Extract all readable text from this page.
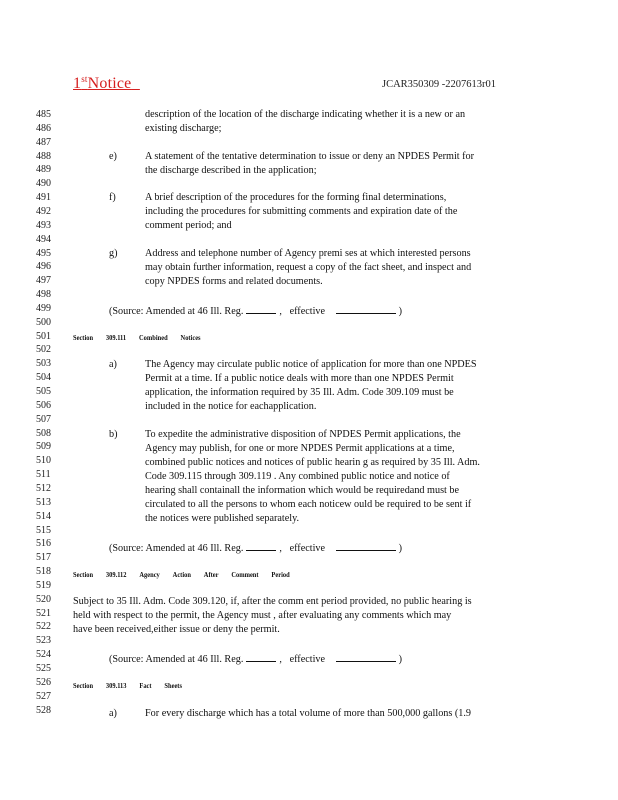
1stNotice	JCAR350309 -2207613r01
485
486
487
488
489
490
491
492
493
494
495
496
497
498
499
500
501
502
503
504
505
506
507
508
509
510
511
512
513
514
515
516
517
518
519
520
521
522
523
524
525
526
527
528
description of the location of the discharge indicating whether it is a new or an
existing discharge;
e)	A statement of the tentative determination to issue or deny an NPDES Permit for
the discharge described in the application;
f)	A brief description of the procedures for the forming final determinations,
including the procedures for submitting comments and expiration date of the
comment period; and
g)	Address and telephone number of Agency premi ses at which interested persons
may obtain further information, request a copy of the fact sheet, and inspect and
copy NPDES forms and related documents.
(Source: Amended at 46 Ill. Reg.	,   effective	)
Section 309.111 Combined Notices
a)	The Agency may circulate public notice of application for more than one NPDES
Permit at a time. If a public notice deals with more than one NPDES Permit
application, the information required by 35 Ill. Adm. Code 309.109 must be
included in the notice for eachapplication.
b)	To expedite the administrative disposition of NPDES Permit applications, the
Agency may publish, for one or more NPDES Permit applications at a time,
combined public notices and notices of public hearin g as required by 35 Ill. Adm.
Code 309.115 through 309.119 . Any combined public notice and notice of
hearing shall containall the information which would be requiredand must be
circulated to all the persons to whom each noticew ould be required to be sent if
the notices were published separately.
(Source: Amended at 46 Ill. Reg.	,   effective	)
Section 309.112 Agency Action After Comment Period
Subject to 35 Ill. Adm. Code 309.120, if, after the comm ent period provided, no public hearing is
held with respect to the permit, the Agency must , after evaluating any comments which may
have been received,either issue or deny the permit.
(Source: Amended at 46 Ill. Reg.	,   effective	)
Section 309.113 Fact Sheets
a)	For every discharge which has a total volume of more than 500,000 gallons (1.9
